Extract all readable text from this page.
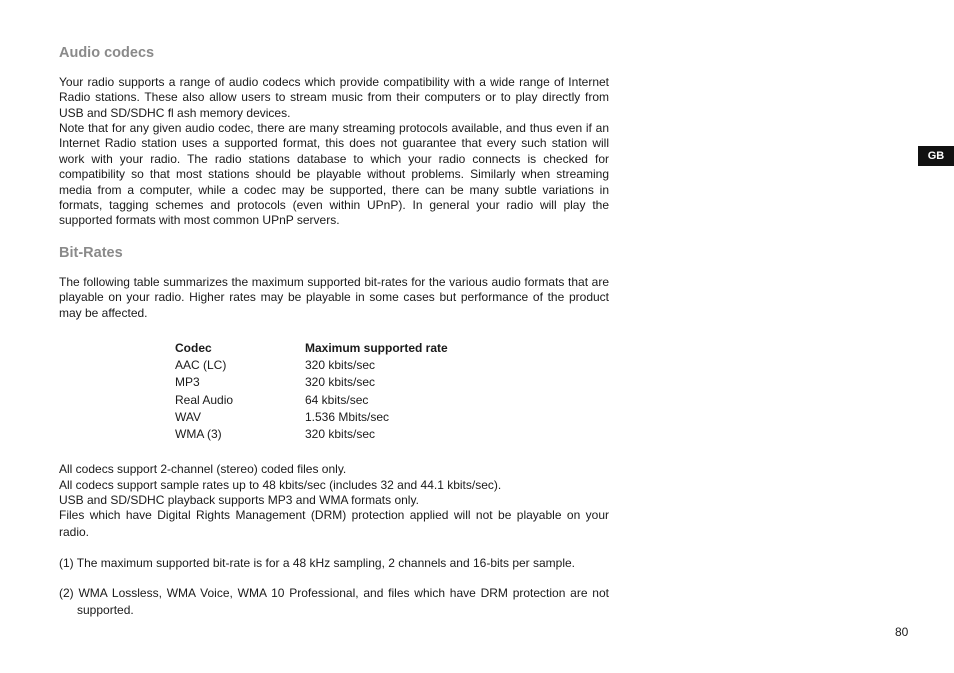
Audio codecs

Your radio supports a range of audio codecs which provide compatibility with a wide range of Internet Radio stations. These also allow users to stream music from their computers or to play directly from USB and SD/SDHC fl ash memory devices.

Note that for any given audio codec, there are many streaming protocols available, and thus even if an Internet Radio station uses a supported format, this does not guarantee that every such station will work with your radio. The radio stations database to which your radio connects is checked for compatibility so that most stations should be playable without problems. Similarly when streaming media from a computer, while a codec may be supported, there can be many subtle variations in formats, tagging schemes and protocols (even within UPnP). In general your radio will play the supported formats with most common UPnP servers.

Bit-Rates

The following table summarizes the maximum supported bit-rates for the various audio formats that are playable on your radio. Higher rates may be playable in some cases but performance of the product may be affected.

All codecs support 2-channel (stereo) coded files only.

All codecs support sample rates up to 48 kbits/sec (includes 32 and 44.1 kbits/sec).

USB and SD/SDHC playback supports MP3 and WMA formats only.

Files which have Digital Rights Management (DRM) protection applied will not be playable on your radio.

(1) The maximum supported bit-rate is for a 48 kHz sampling, 2 channels and 16-bits per sample.

(2) WMA Lossless, WMA Voice, WMA 10 Professional, and files which have DRM protection are not supported.

Codec	Maximum supported rate
AAC (LC)	320 kbits/sec
MP3	320 kbits/sec
Real Audio	64 kbits/sec
WAV	1.536 Mbits/sec
WMA (3)	320 kbits/sec
GB
80
